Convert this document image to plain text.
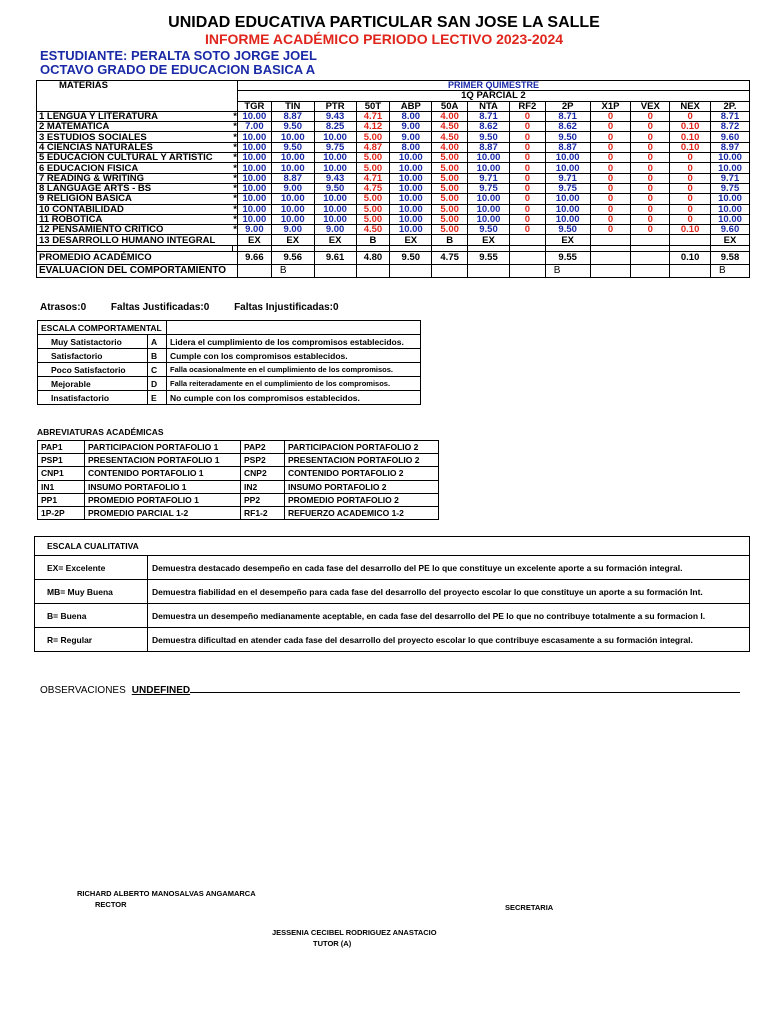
UNIDAD EDUCATIVA PARTICULAR SAN JOSE LA SALLE
INFORME ACADÉMICO PERIODO LECTIVO 2023-2024
ESTUDIANTE: PERALTA SOTO JORGE JOEL
OCTAVO GRADO DE EDUCACION BASICA A
MATERIAS		PRIMER QUIMESTRE												
		1Q PARCIAL 2												
		TGR	TIN	PTR	50T	ABP	50A	NTA	RF2	2P	X1P	VEX	NEX	2P.
1 LENGUA Y LITERATURA	*	10.00	8.87	9.43	4.71	8.00	4.00	8.71	0	8.71	0	0	0	8.71
2 MATEMATICA	*	7.00	9.50	8.25	4.12	9.00	4.50	8.62	0	8.62	0	0	0.10	8.72
3 ESTUDIOS SOCIALES	*	10.00	10.00	10.00	5.00	9.00	4.50	9.50	0	9.50	0	0	0.10	9.60
4 CIENCIAS NATURALES	*	10.00	9.50	9.75	4.87	8.00	4.00	8.87	0	8.87	0	0	0.10	8.97
5 EDUCACION CULTURAL Y ARTISTIC	*	10.00	10.00	10.00	5.00	10.00	5.00	10.00	0	10.00	0	0	0	10.00
6 EDUCACION FISICA	*	10.00	10.00	10.00	5.00	10.00	5.00	10.00	0	10.00	0	0	0	10.00
7 READING & WRITING	*	10.00	8.87	9.43	4.71	10.00	5.00	9.71	0	9.71	0	0	0	9.71
8 LANGUAGE ARTS - BS	*	10.00	9.00	9.50	4.75	10.00	5.00	9.75	0	9.75	0	0	0	9.75
9 RELIGION BASICA	*	10.00	10.00	10.00	5.00	10.00	5.00	10.00	0	10.00	0	0	0	10.00
10 CONTABILIDAD	*	10.00	10.00	10.00	5.00	10.00	5.00	10.00	0	10.00	0	0	0	10.00
11 ROBOTICA	*	10.00	10.00	10.00	5.00	10.00	5.00	10.00	0	10.00	0	0	0	10.00
12 PENSAMIENTO CRITICO	*	9.00	9.00	9.00	4.50	10.00	5.00	9.50	0	9.50	0	0	0.10	9.60
13 DESARROLLO HUMANO INTEGRAL		EX	EX	EX	B	EX	B	EX		EX				EX

PROMEDIO ACADÉMICO		9.66	9.56	9.61	4.80	9.50	4.75	9.55		9.55			0.10	9.58
EVALUACION DEL COMPORTAMIENTO			B							B				B
Atrasos:0 Faltas Justificadas:0 Faltas Injustificadas:0
ESCALA COMPORTAMENTAL		
Muy Satistactorio	A	Lidera el cumplimiento de los compromisos establecidos.
Satisfactorio	B	Cumple con los compromisos establecidos.
Poco Satisfactorio	C	Falla ocasionalmente en el cumplimiento de los compromisos.
Mejorable	D	Falla reiteradamente en el cumplimiento de los compromisos.
Insatisfactorio	E	No cumple con los compromisos establecidos.
ABREVIATURAS ACADÉMICAS
PAP1	PARTICIPACION PORTAFOLIO 1	PAP2	PARTICIPACION PORTAFOLIO 2
PSP1	PRESENTACION PORTAFOLIO 1	PSP2	PRESENTACION PORTAFOLIO 2
CNP1	CONTENIDO PORTAFOLIO 1	CNP2	CONTENIDO PORTAFOLIO 2
IN1	INSUMO PORTAFOLIO 1	IN2	INSUMO PORTAFOLIO 2
PP1	PROMEDIO PORTAFOLIO 1	PP2	PROMEDIO PORTAFOLIO 2
1P-2P	PROMEDIO PARCIAL 1-2	RF1-2	REFUERZO ACADEMICO 1-2
ESCALA CUALITATIVA	
EX= Excelente	Demuestra destacado desempeño en cada fase del desarrollo del PE lo que constituye un excelente aporte a su formación integral.
MB= Muy Buena	Demuestra fiabilidad en el desempeño para cada fase del desarrollo del proyecto escolar lo que constituye un aporte a su formación Int.
B= Buena	Demuestra un desempeño medianamente aceptable, en cada fase del desarrollo del PE lo que no contribuye totalmente a su formacion I.
R= Regular	Demuestra dificultad en atender cada fase del desarrollo del proyecto escolar lo que contribuye escasamente a su formación integral.
OBSERVACIONES UNDEFINED
RICHARD ALBERTO MANOSALVAS ANGAMARCA
RECTOR	SECRETARIA
JESSENIA CECIBEL RODRIGUEZ ANASTACIO
TUTOR (A)
